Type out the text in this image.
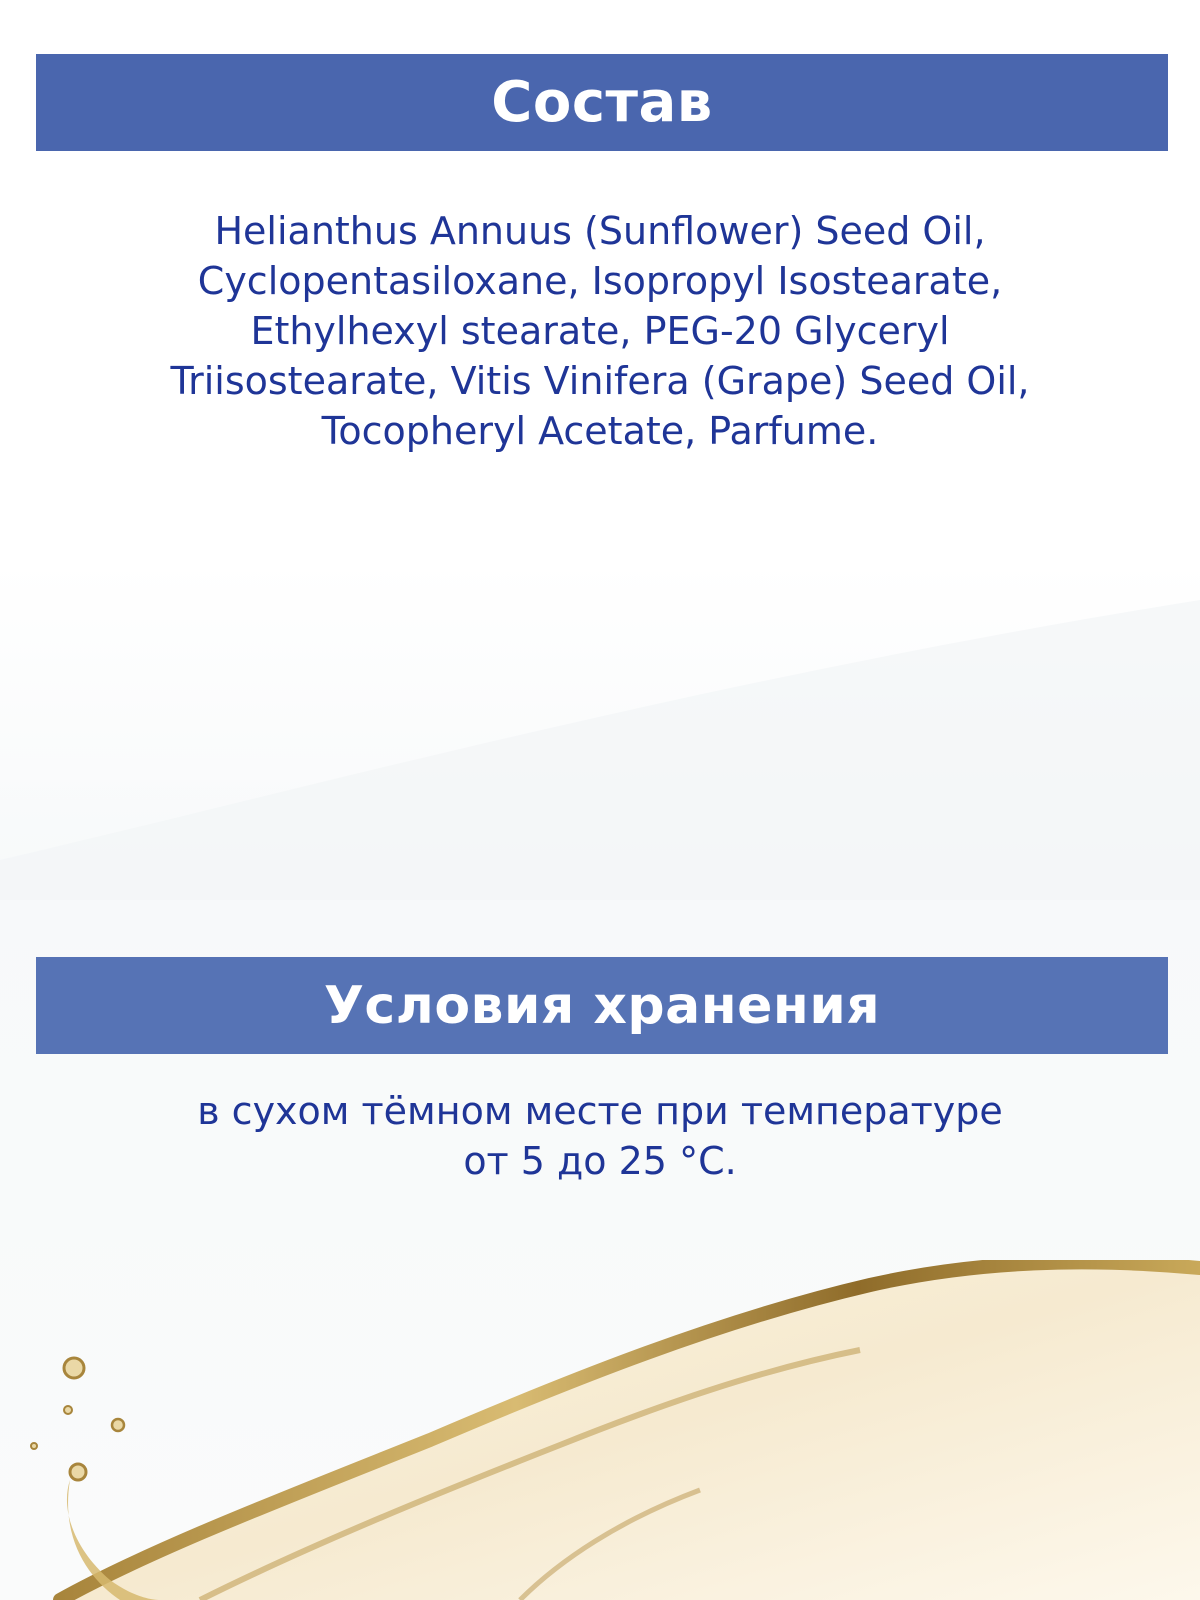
Состав
Helianthus Annuus (Sunflower) Seed Oil,
Cyclopentasiloxane, Isopropyl Isostearate,
Ethylhexyl stearate, PEG-20 Glyceryl
Triisostearate, Vitis Vinifera (Grape) Seed Oil,
Tocopheryl Acetate, Parfume.
Условия хранения
в сухом тёмном месте при температуре
от 5 до 25 °С.
